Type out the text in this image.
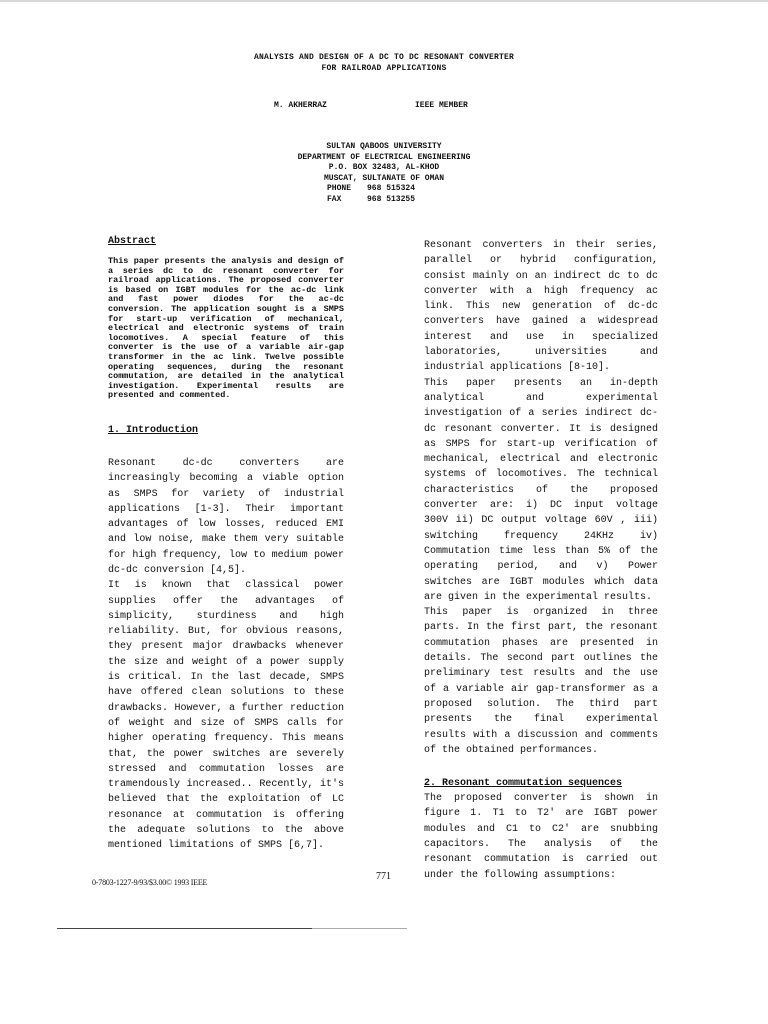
ANALYSIS AND DESIGN OF A DC TO DC RESONANT CONVERTER
FOR RAILROAD APPLICATIONS
M. AKHERRAZ	IEEE MEMBER
SULTAN QABOOS UNIVERSITY
DEPARTMENT OF ELECTRICAL ENGINEERING
P.O. BOX 32483, AL-KHOD
MUSCAT, SULTANATE OF OMAN
PHONE 968 515324
FAX	968 513255
Abstract
This paper presents the analysis and design of a series dc to dc resonant converter for railroad applications. The proposed converter is based on IGBT modules for the ac-dc link and fast power diodes for the ac-dc conversion. The application sought is a SMPS for start-up verification of mechanical, electrical and electronic systems of train locomotives. A special feature of this converter is the use of a variable air-gap transformer in the ac link. Twelve possible operating sequences, during the resonant commutation, are detailed in the analytical investigation. Experimental results are presented and commented.
1. Introduction

Resonant dc-dc converters are increasingly becoming a viable option as SMPS for variety of industrial applications [1-3]. Their important advantages of low losses, reduced EMI and low noise, make them very suitable for high frequency, low to medium power dc-dc conversion [4,5].

It is known that classical power supplies offer the advantages of simplicity, sturdiness and high reliability. But, for obvious reasons, they present major drawbacks whenever the size and weight of a power supply is critical. In the last decade, SMPS have offered clean solutions to these drawbacks. However, a further reduction of weight and size of SMPS calls for higher operating frequency. This means that, the power switches are severely stressed and commutation losses are tramendously increased.. Recently, it's believed that the exploitation of LC resonance at commutation is offering the adequate solutions to the above mentioned limitations of SMPS [6,7].

Resonant converters in their series, parallel or hybrid configuration, consist mainly on an indirect dc to dc converter with a high frequency ac link. This new generation of dc-dc converters have gained a widespread interest and use in specialized laboratories, universities and industrial applications [8-10].

This paper presents an in-depth analytical and experimental investigation of a series indirect dc-dc resonant converter. It is designed as SMPS for start-up verification of mechanical, electrical and electronic systems of locomotives. The technical characteristics of the proposed converter are: i) DC input voltage 300V ii) DC output voltage 60V , iii) switching frequency 24KHz iv) Commutation time less than 5% of the operating period, and v) Power switches are IGBT modules which data are given in the experimental results.

This paper is organized in three parts. In the first part, the resonant commutation phases are presented in details. The second part outlines the preliminary test results and the use of a variable air gap-transformer as a proposed solution. The third part presents the final experimental results with a discussion and comments of the obtained performances.

2. Resonant commutation sequences

The proposed converter is shown in figure 1. T1 to T2' are IGBT power modules and C1 to C2' are snubbing capacitors. The analysis of the resonant commutation is carried out under the following assumptions:

771
0-7803-1227-9/93/$3.00© 1993 IEEE
